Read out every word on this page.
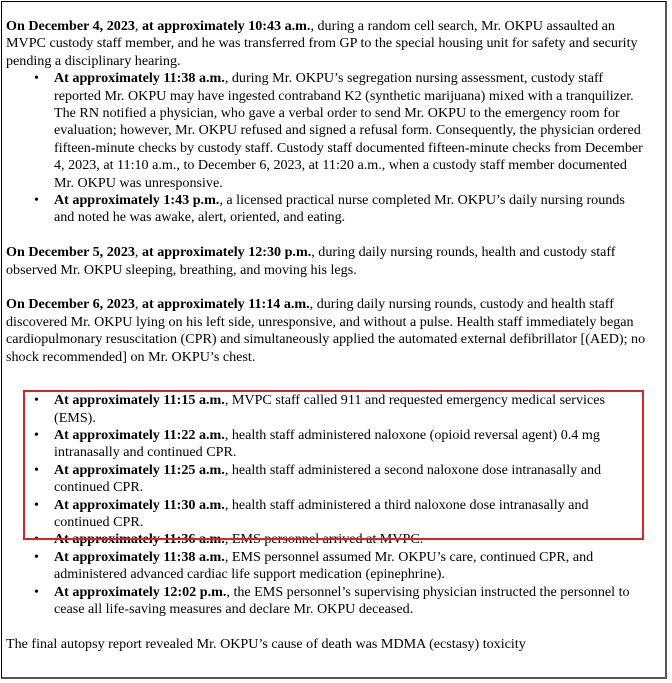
On December 4, 2023, at approximately 10:43 a.m., during a random cell search, Mr. OKPU assaulted an MVPC custody staff member, and he was transferred from GP to the special housing unit for safety and security pending a disciplinary hearing.

• At approximately 11:38 a.m., during Mr. OKPU’s segregation nursing assessment, custody staff reported Mr. OKPU may have ingested contraband K2 (synthetic marijuana) mixed with a tranquilizer. The RN notified a physician, who gave a verbal order to send Mr. OKPU to the emergency room for evaluation; however, Mr. OKPU refused and signed a refusal form. Consequently, the physician ordered fifteen-minute checks by custody staff. Custody staff documented fifteen-minute checks from December 4, 2023, at 11:10 a.m., to December 6, 2023, at 11:20 a.m., when a custody staff member documented Mr. OKPU was unresponsive.
• At approximately 1:43 p.m., a licensed practical nurse completed Mr. OKPU’s daily nursing rounds and noted he was awake, alert, oriented, and eating.

On December 5, 2023, at approximately 12:30 p.m., during daily nursing rounds, health and custody staff observed Mr. OKPU sleeping, breathing, and moving his legs.

On December 6, 2023, at approximately 11:14 a.m., during daily nursing rounds, custody and health staff discovered Mr. OKPU lying on his left side, unresponsive, and without a pulse. Health staff immediately began cardiopulmonary resuscitation (CPR) and simultaneously applied the automated external defibrillator [(AED); no shock recommended] on Mr. OKPU’s chest.

• At approximately 11:15 a.m., MVPC staff called 911 and requested emergency medical services (EMS).
• At approximately 11:22 a.m., health staff administered naloxone (opioid reversal agent) 0.4 mg intranasally and continued CPR.
• At approximately 11:25 a.m., health staff administered a second naloxone dose intranasally and continued CPR.
• At approximately 11:30 a.m., health staff administered a third naloxone dose intranasally and continued CPR.
• At approximately 11:36 a.m., EMS personnel arrived at MVPC.
• At approximately 11:38 a.m., EMS personnel assumed Mr. OKPU’s care, continued CPR, and administered advanced cardiac life support medication (epinephrine).
• At approximately 12:02 p.m., the EMS personnel’s supervising physician instructed the personnel to cease all life-saving measures and declare Mr. OKPU deceased.

The final autopsy report revealed Mr. OKPU’s cause of death was MDMA (ecstasy) toxicity
